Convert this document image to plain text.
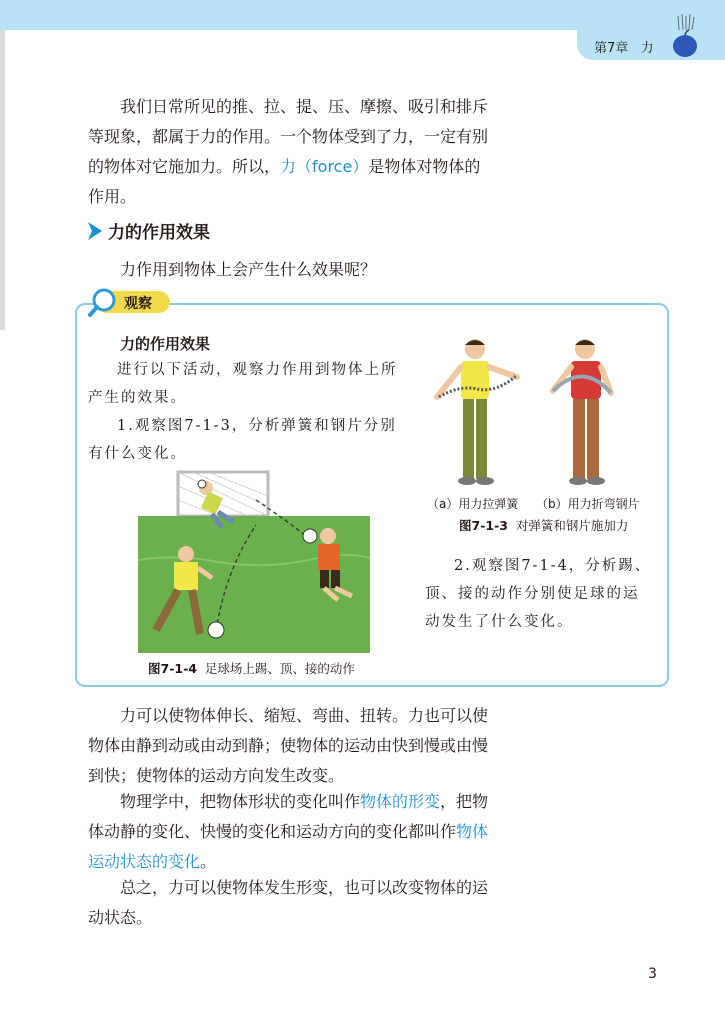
第7章   力

我们日常所见的推、拉、提、压、摩擦、吸引和排斥等现象，都属于力的作用。一个物体受到了力，一定有别的物体对它施加力。所以，力（force）是物体对物体的作用。

力的作用效果

力作用到物体上会产生什么效果呢？

观察
力的作用效果

进行以下活动，观察力作用到物体上所产生的效果。

1.观察图7-1-3，分析弹簧和钢片分别有什么变化。

（a）用力拉弹簧 （b）用力折弯钢片
图7-1-3 对弹簧和钢片施加力

2.观察图7-1-4，分析踢、顶、接的动作分别使足球的运动发生了什么变化。

图7-1-4 足球场上踢、顶、接的动作

力可以使物体伸长、缩短、弯曲、扭转。力也可以使物体由静到动或由动到静；使物体的运动由快到慢或由慢到快；使物体的运动方向发生改变。

物理学中，把物体形状的变化叫作物体的形变，把物体动静的变化、快慢的变化和运动方向的变化都叫作物体运动状态的变化。

总之，力可以使物体发生形变，也可以改变物体的运动状态。

3
